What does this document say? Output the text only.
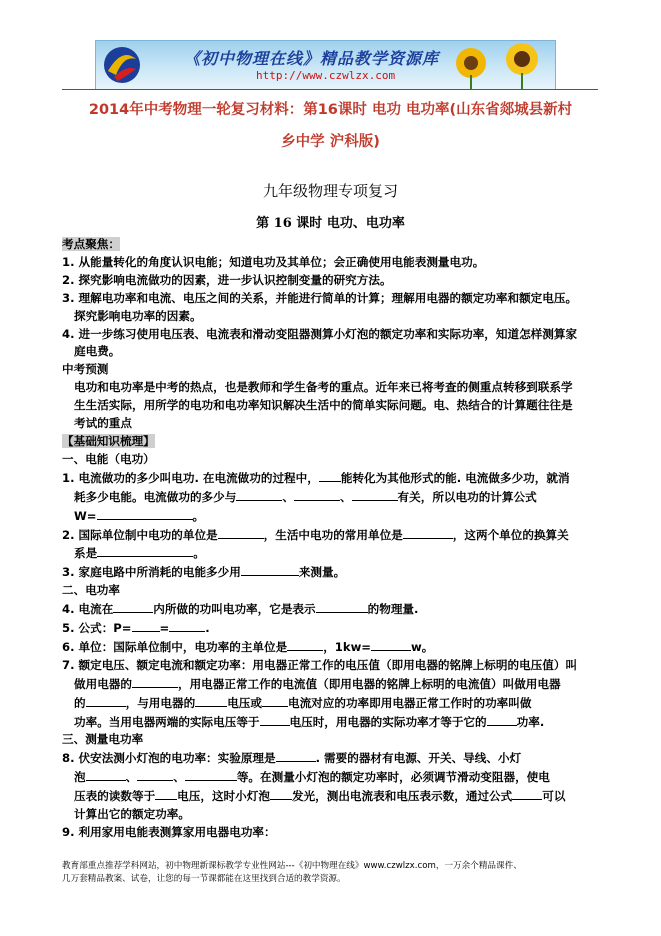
《初中物理在线》精品教学资源库
http://www.czwlzx.com
2014年中考物理一轮复习材料：第16课时 电功 电功率(山东省郯城县新村
乡中学 沪科版)
九年级物理专项复习
第 16 课时 电功、电功率

考点聚焦：

1. 从能量转化的角度认识电能；知道电功及其单位；会正确使用电能表测量电功。

2. 探究影响电流做功的因素，进一步认识控制变量的研究方法。

3. 理解电功率和电流、电压之间的关系，并能进行简单的计算；理解用电器的额定功率和额定电压。

探究影响电功率的因素。

4. 进一步练习使用电压表、电流表和滑动变阻器测算小灯泡的额定功率和实际功率，知道怎样测算家

庭电费。

中考预测

电功和电功率是中考的热点，也是教师和学生备考的重点。近年来已将考查的侧重点转移到联系学

生生活实际，用所学的电功和电功率知识解决生活中的简单实际问题。电、热结合的计算题往往是

考试的重点

【基础知识梳理】

一、电能（电功）

1. 电流做功的多少叫电功. 在电流做功的过程中， 能转化为其他形式的能. 电流做多少功，就消

耗多少电能。电流做功的多少与	、	、	有关，所以电功的计算公式

W=	。

2. 国际单位制中电功的单位是	，生活中电功的常用单位是	，这两个单位的换算关

系是	。

3. 家庭电路中所消耗的电能多少用	来测量。

二、电功率

4. 电流在	内所做的功叫电功率，它是表示	的物理量.

5. 公式：P= =	.

6. 单位：国际单位制中，电功率的主单位是	，1kw=	w。

7. 额定电压、额定电流和额定功率：用电器正常工作的电压值（即用电器的铭牌上标明的电压值）叫

做用电器的	，用电器正常工作的电流值（即用电器的铭牌上标明的电流值）叫做用电器

的	，与用电器的	电压或 电流对应的功率即用电器正常工作时的功率叫做

功率。当用电器两端的实际电压等于	电压时，用电器的实际功率才等于它的	功率.

三、测量电功率

8. 伏安法测小灯泡的电功率：实验原理是	. 需要的器材有电源、开关、导线、小灯

泡	、	、	等。在测量小灯泡的额定功率时，必须调节滑动变阻器，使电

压表的读数等于 电压，这时小灯泡 发光，测出电流表和电压表示数，通过公式	可以

计算出它的额定功率。

9. 利用家用电能表测算家用电器电功率：

教育部重点推荐学科网站，初中物理新课标教学专业性网站---《初中物理在线》www.czwlzx.com，一万余个精品课件、
几万套精品教案、试卷，让您的每一节课都能在这里找到合适的教学资源。
